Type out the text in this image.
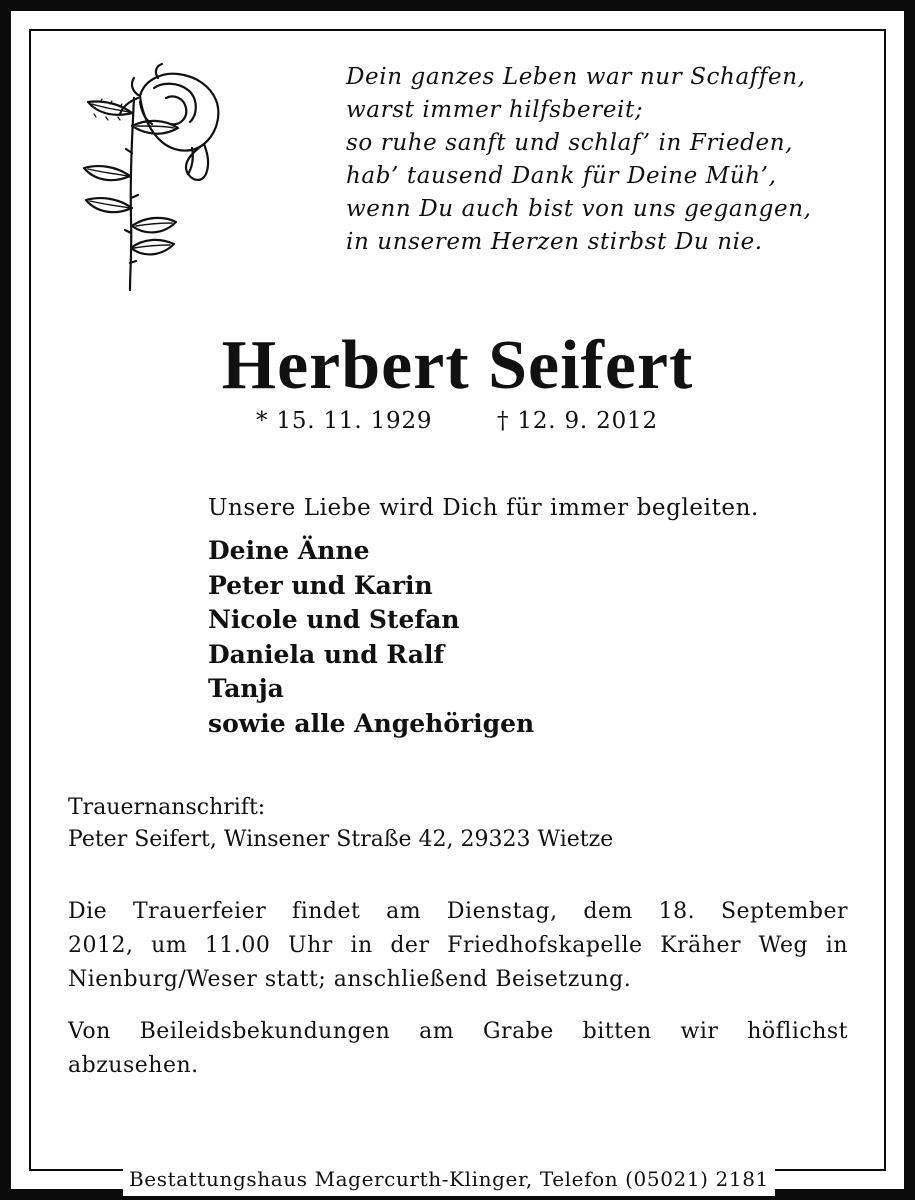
Dein ganzes Leben war nur Schaffen,
warst immer hilfsbereit;
so ruhe sanft und schlaf’ in Frieden,
hab’ tausend Dank für Deine Müh’,
wenn Du auch bist von uns gegangen,
in unserem Herzen stirbst Du nie.
Herbert Seifert
* 15. 11. 1929	† 12. 9. 2012
Unsere Liebe wird Dich für immer begleiten.
Deine Änne
Peter und Karin
Nicole und Stefan
Daniela und Ralf
Tanja
sowie alle Angehörigen
Trauernanschrift:
Peter Seifert, Winsener Straße 42, 29323 Wietze
Die Trauerfeier findet am Dienstag, dem 18. September
2012, um 11.00 Uhr in der Friedhofskapelle Kräher Weg in
Nienburg/Weser statt; anschließend Beisetzung.
Von Beileidsbekundungen am Grabe bitten wir höflichst
abzusehen.
Bestattungshaus Magercurth-Klinger, Telefon (05021) 2181
